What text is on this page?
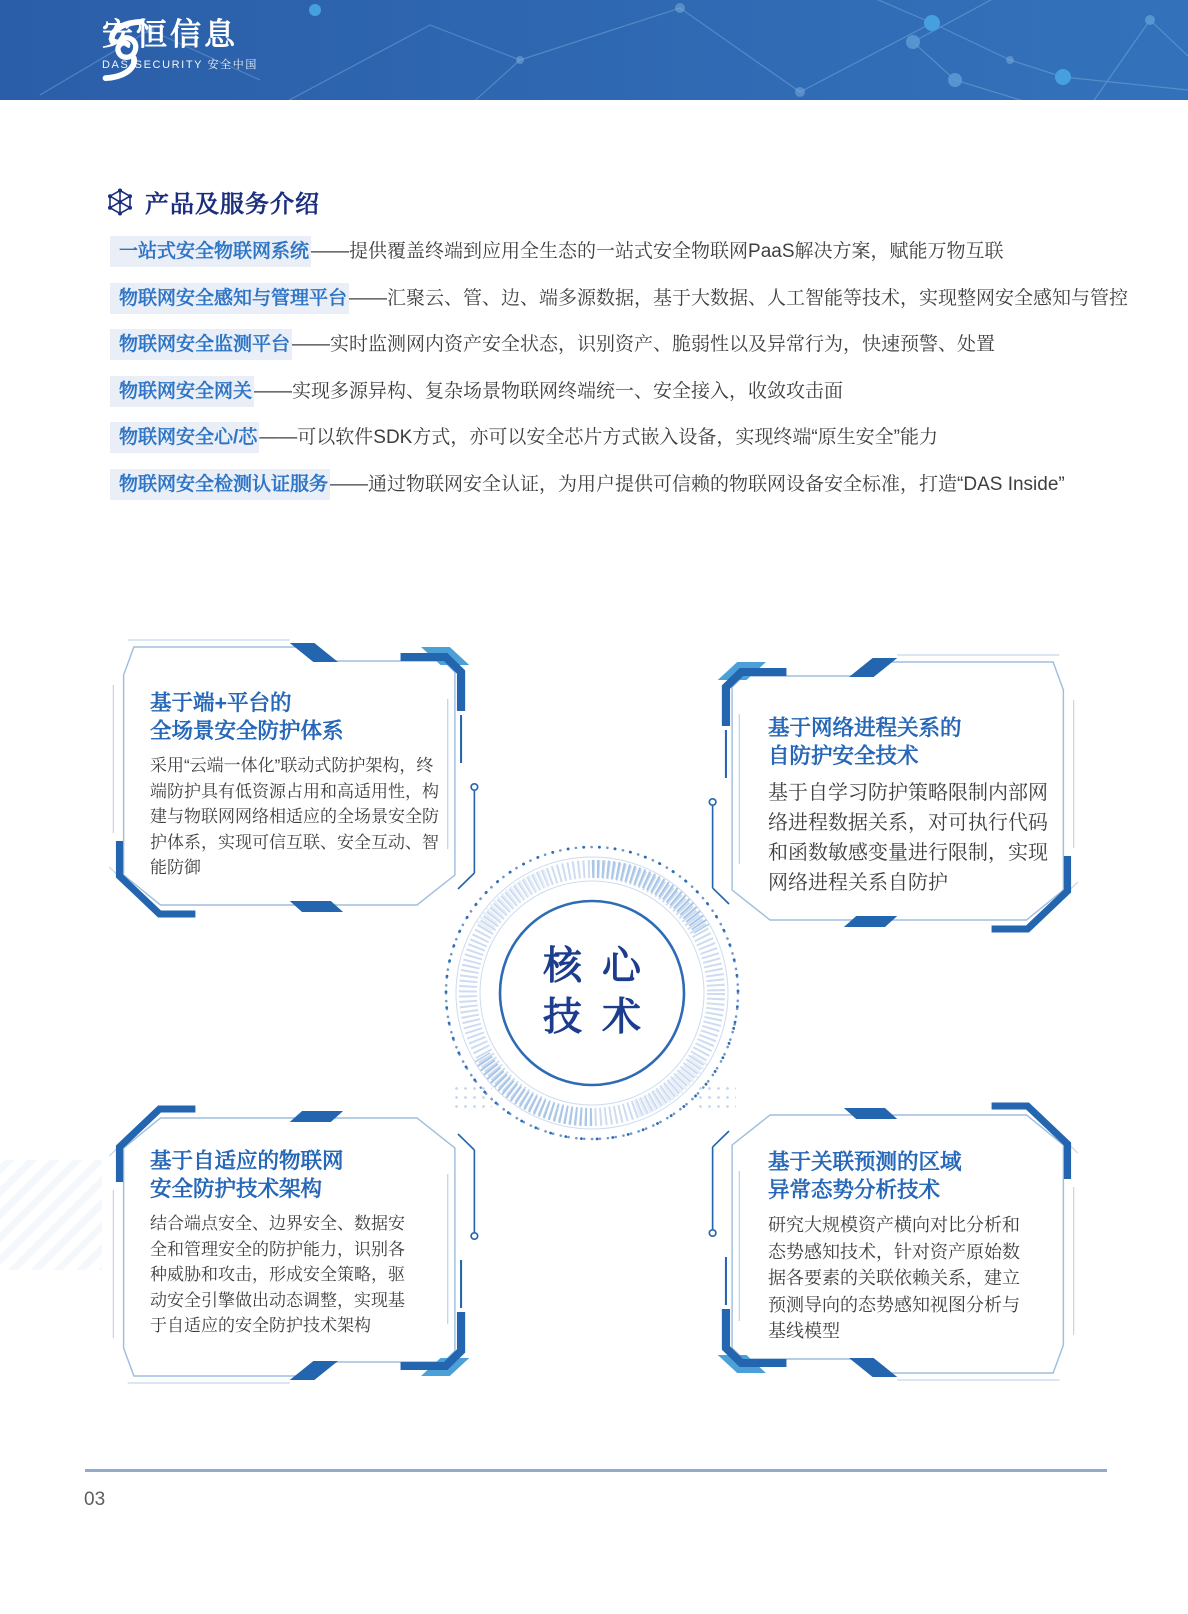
安恒信息
DAS-SECURITY 安全中国
产品及服务介绍
一站式安全物联网系统 ——提供覆盖终端到应用全生态的一站式安全物联网PaaS解决方案，赋能万物互联
物联网安全感知与管理平台 ——汇聚云、管、边、端多源数据，基于大数据、人工智能等技术，实现整网安全感知与管控
物联网安全监测平台 ——实时监测网内资产安全状态，识别资产、脆弱性以及异常行为，快速预警、处置
物联网安全网关 ——实现多源异构、复杂场景物联网终端统一、安全接入，收敛攻击面
物联网安全心/芯 ——可以软件SDK方式，亦可以安全芯片方式嵌入设备，实现终端“原生安全”能力
物联网安全检测认证服务 ——通过物联网安全认证，为用户提供可信赖的物联网设备安全标准，打造“DAS Inside”
基于端+平台的
全场景安全防护体系

采用“云端一体化”联动式防护架构，终端防护具有低资源占用和高适用性，构建与物联网网络相适应的全场景安全防护体系，实现可信互联、安全互动、智能防御

基于网络进程关系的
自防护安全技术

基于自学习防护策略限制内部网络进程数据关系，对可执行代码和函数敏感变量进行限制，实现网络进程关系自防护

基于自适应的物联网
安全防护技术架构

结合端点安全、边界安全、数据安全和管理安全的防护能力，识别各种威胁和攻击，形成安全策略，驱动安全引擎做出动态调整，实现基于自适应的安全防护技术架构

基于关联预测的区域
异常态势分析技术

研究大规模资产横向对比分析和态势感知技术，针对资产原始数据各要素的关联依赖关系，建立预测导向的态势感知视图分析与基线模型

核心
技术
03
